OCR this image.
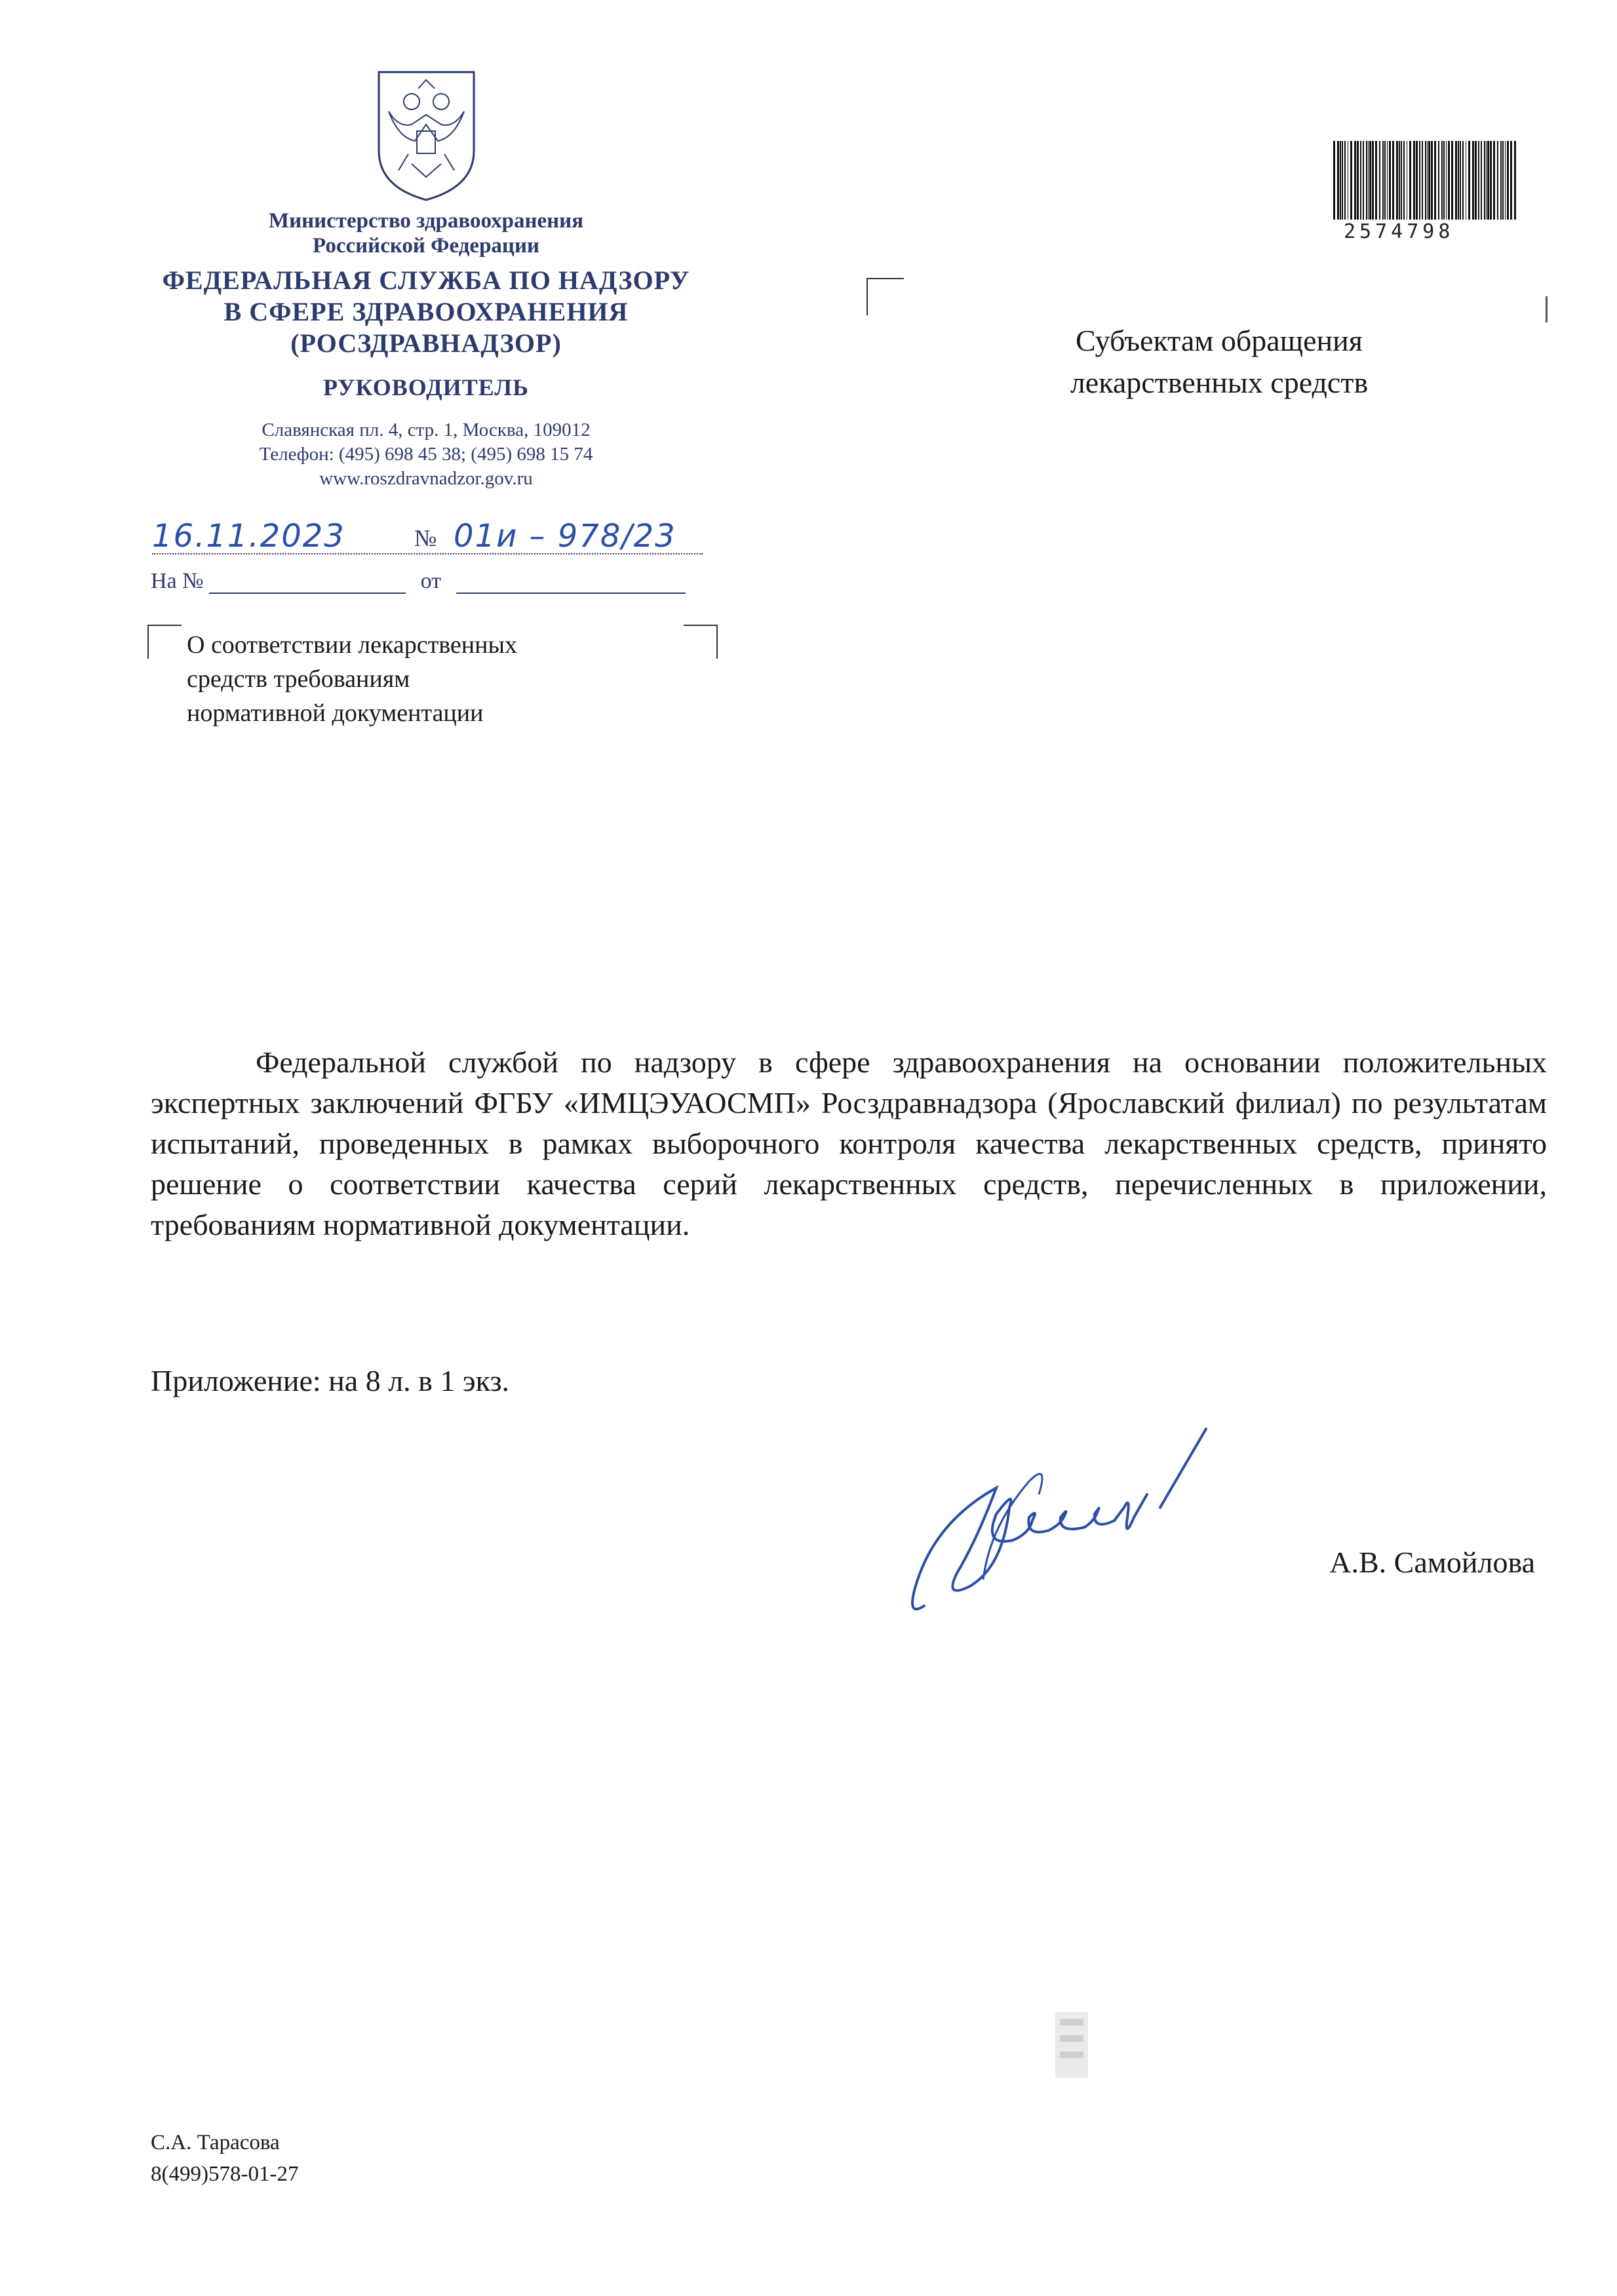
Министерство здравоохранения
Российской Федерации
ФЕДЕРАЛЬНАЯ СЛУЖБА ПО НАДЗОРУ
В СФЕРЕ ЗДРАВООХРАНЕНИЯ
(РОСЗДРАВНАДЗОР)
РУКОВОДИТЕЛЬ
Славянская пл. 4, стр. 1, Москва, 109012
Телефон: (495) 698 45 38; (495) 698 15 74
www.roszdravnadzor.gov.ru
16.11.2023	№ 01и – 978/23
На №	от
О соответствии лекарственных
средств требованиям
нормативной документации
2574798
Субъектам обращения
лекарственных средств
Федеральной службой по надзору в сфере здравоохранения на основании положительных экспертных заключений ФГБУ «ИМЦЭУАОСМП» Росздравнадзора (Ярославский филиал) по результатам испытаний, проведенных в рамках выборочного контроля качества лекарственных средств, принято решение о соответствии качества серий лекарственных средств, перечисленных в приложении, требованиям нормативной документации.
Приложение: на 8 л. в 1 экз.
А.В. Самойлова
С.А. Тарасова
8(499)578-01-27
